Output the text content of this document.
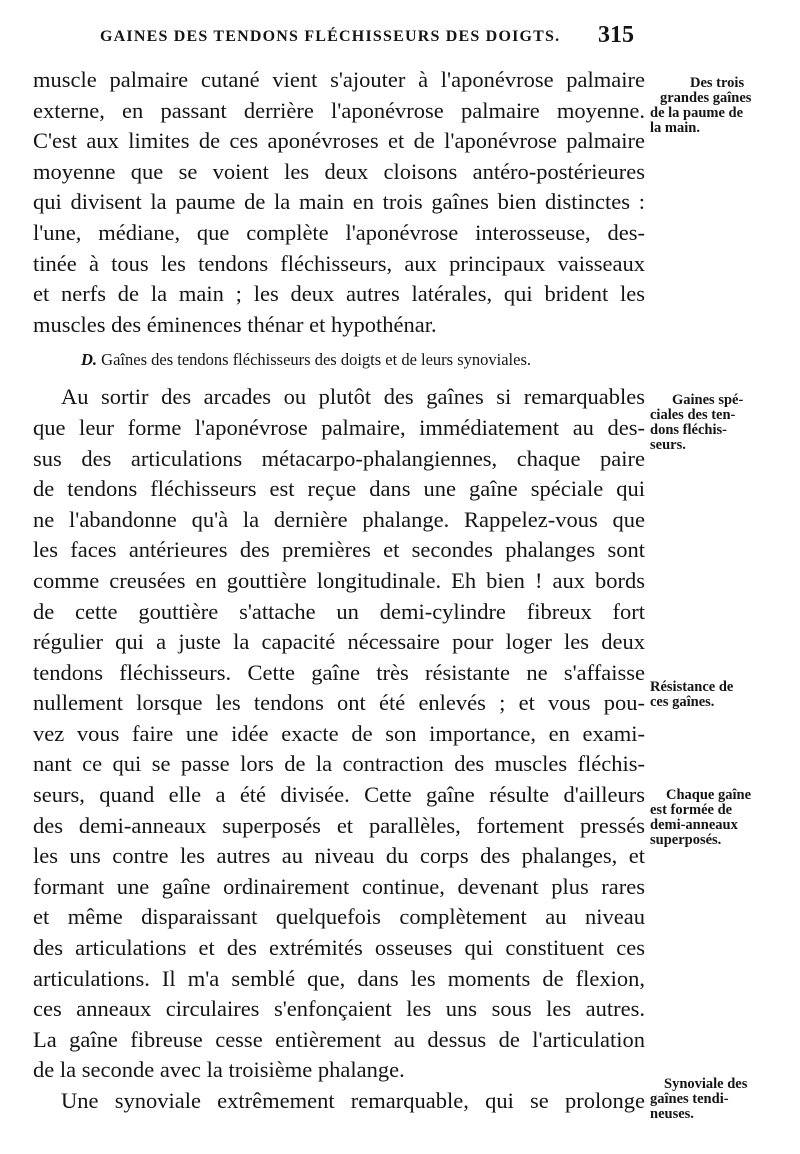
GAINES DES TENDONS FLÉCHISSEURS DES DOIGTS.	315

muscle palmaire cutané vient s'ajouter à l'aponévrose palmaire
externe, en passant derrière l'aponévrose palmaire moyenne.
C'est aux limites de ces aponévroses et de l'aponévrose palmaire
moyenne que se voient les deux cloisons antéro-postérieures
qui divisent la paume de la main en trois gaînes bien distinctes :
l'une, médiane, que complète l'aponévrose interosseuse, des-
tinée à tous les tendons fléchisseurs, aux principaux vaisseaux
et nerfs de la main ; les deux autres latérales, qui brident les
muscles des éminences thénar et hypothénar.

D. Gaînes des tendons fléchisseurs des doigts et de leurs synoviales.

Au sortir des arcades ou plutôt des gaînes si remarquables
que leur forme l'aponévrose palmaire, immédiatement au des-
sus des articulations métacarpo-phalangiennes, chaque paire
de tendons fléchisseurs est reçue dans une gaîne spéciale qui
ne l'abandonne qu'à la dernière phalange. Rappelez-vous que
les faces antérieures des premières et secondes phalanges sont
comme creusées en gouttière longitudinale. Eh bien ! aux bords
de cette gouttière s'attache un demi-cylindre fibreux fort
régulier qui a juste la capacité nécessaire pour loger les deux
tendons fléchisseurs. Cette gaîne très résistante ne s'affaisse
nullement lorsque les tendons ont été enlevés ; et vous pou-
vez vous faire une idée exacte de son importance, en exami-
nant ce qui se passe lors de la contraction des muscles fléchis-
seurs, quand elle a été divisée. Cette gaîne résulte d'ailleurs
des demi-anneaux superposés et parallèles, fortement pressés
les uns contre les autres au niveau du corps des phalanges, et
formant une gaîne ordinairement continue, devenant plus rares
et même disparaissant quelquefois complètement au niveau
des articulations et des extrémités osseuses qui constituent ces
articulations. Il m'a semblé que, dans les moments de flexion,
ces anneaux circulaires s'enfonçaient les uns sous les autres.
La gaîne fibreuse cesse entièrement au dessus de l'articulation
de la seconde avec la troisième phalange.

Une synoviale extrêmement remarquable, qui se prolonge

Des trois
grandes gaînes
de la paume de
la main.
Gaines spé-
ciales des ten-
dons fléchis-
seurs.
Résistance de
ces gaînes.
Chaque gaîne
est formée de
demi-anneaux
superposés.
Synoviale des
gaînes tendi-
neuses.
